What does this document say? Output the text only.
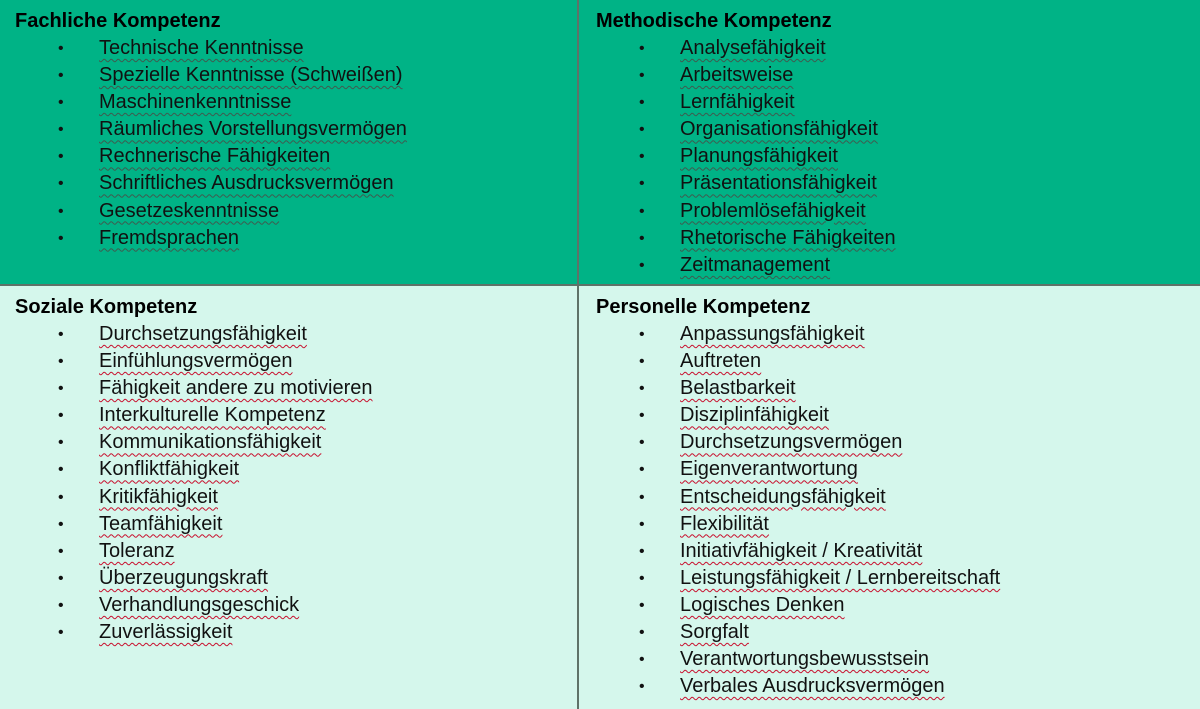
Fachliche Kompetenz
• Technische Kenntnisse
• Spezielle Kenntnisse (Schweißen)
• Maschinenkenntnisse
• Räumliches Vorstellungsvermögen
• Rechnerische Fähigkeiten
• Schriftliches Ausdrucksvermögen
• Gesetzeskenntnisse
• Fremdsprachen
Methodische Kompetenz
• Analysefähigkeit
• Arbeitsweise
• Lernfähigkeit
• Organisationsfähigkeit
• Planungsfähigkeit
• Präsentationsfähigkeit
• Problemlösefähigkeit
• Rhetorische Fähigkeiten
• Zeitmanagement
Soziale Kompetenz
• Durchsetzungsfähigkeit
• Einfühlungsvermögen
• Fähigkeit andere zu motivieren
• Interkulturelle Kompetenz
• Kommunikationsfähigkeit
• Konfliktfähigkeit
• Kritikfähigkeit
• Teamfähigkeit
• Toleranz
• Überzeugungskraft
• Verhandlungsgeschick
• Zuverlässigkeit
Personelle Kompetenz
• Anpassungsfähigkeit
• Auftreten
• Belastbarkeit
• Disziplinfähigkeit
• Durchsetzungsvermögen
• Eigenverantwortung
• Entscheidungsfähigkeit
• Flexibilität
• Initiativfähigkeit / Kreativität
• Leistungsfähigkeit / Lernbereitschaft
• Logisches Denken
• Sorgfalt
• Verantwortungsbewusstsein
• Verbales Ausdrucksvermögen
